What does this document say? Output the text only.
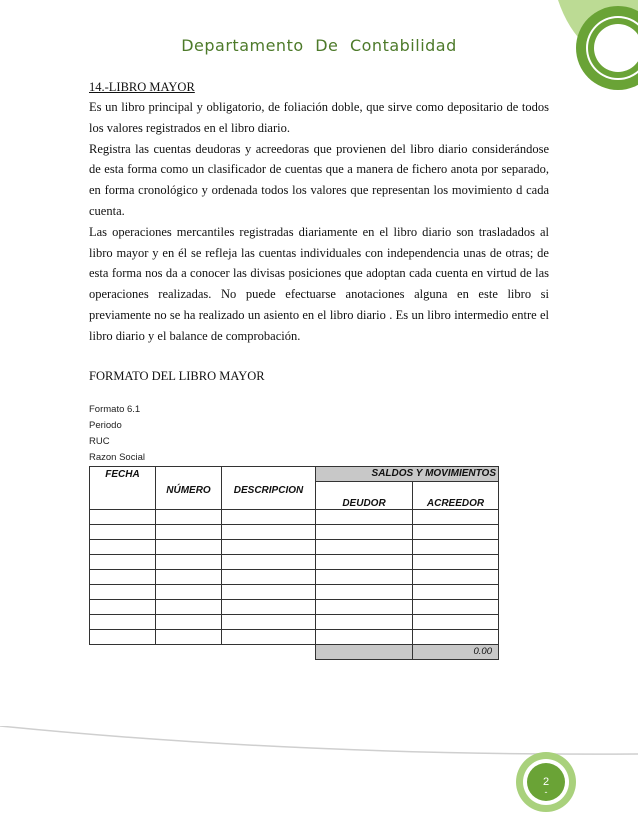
Departamento De Contabilidad
14.-LIBRO MAYOR

Es un libro principal y obligatorio, de foliación doble, que sirve como depositario de todos los valores registrados en el libro diario.

Registra las cuentas deudoras y acreedoras que provienen del libro diario considerándose de esta forma como un clasificador de cuentas que a manera de fichero anota por separado, en forma cronológico y ordenada todos los valores que representan los movimiento d cada cuenta.

Las operaciones mercantiles registradas diariamente en el libro diario son trasladados al libro mayor y en él se refleja las cuentas individuales con independencia unas de otras; de esta forma nos da a conocer las divisas posiciones que adoptan cada cuenta en virtud de las operaciones realizadas. No puede efectuarse anotaciones alguna en este libro si previamente no se ha realizado un asiento en el libro diario . Es un libro intermedio entre el libro diario y el balance de comprobación.

FORMATO DEL LIBRO MAYOR
Formato 6.1
Periodo
RUC
Razon Social
FECHA	NÚMERO	DESCRIPCION	SALDOS Y MOVIMIENTOS	
			DEUDOR	ACREEDOR

				0.00
2
-
